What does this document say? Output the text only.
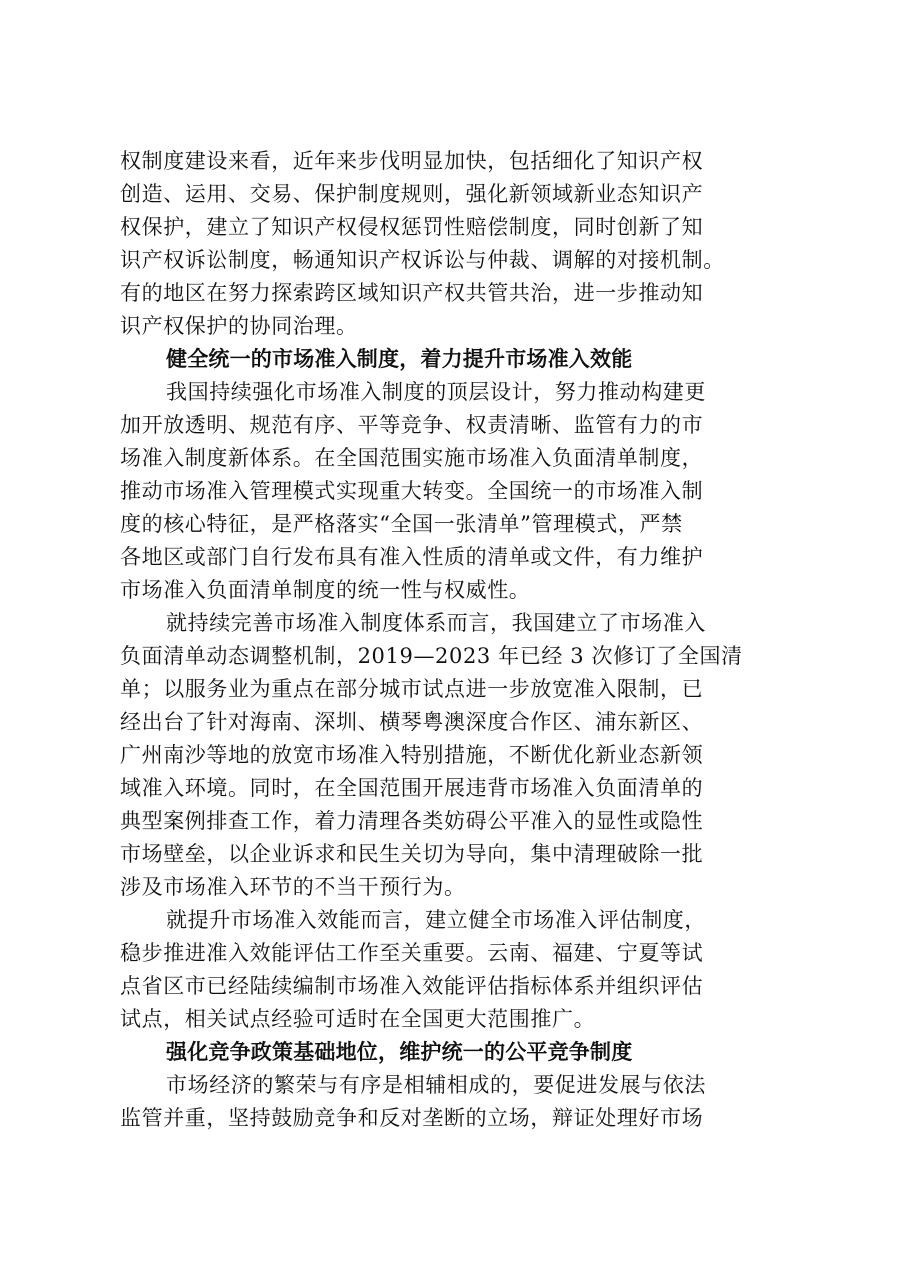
权制度建设来看，近年来步伐明显加快，包括细化了知识产权
创造、运用、交易、保护制度规则，强化新领域新业态知识产
权保护，建立了知识产权侵权惩罚性赔偿制度，同时创新了知
识产权诉讼制度，畅通知识产权诉讼与仲裁、调解的对接机制。
有的地区在努力探索跨区域知识产权共管共治，进一步推动知
识产权保护的协同治理。
健全统一的市场准入制度，着力提升市场准入效能
我国持续强化市场准入制度的顶层设计，努力推动构建更
加开放透明、规范有序、平等竞争、权责清晰、监管有力的市
场准入制度新体系。在全国范围实施市场准入负面清单制度，
推动市场准入管理模式实现重大转变。全国统一的市场准入制
度的核心特征，是严格落实“全国一张清单”管理模式，严禁
各地区或部门自行发布具有准入性质的清单或文件，有力维护
市场准入负面清单制度的统一性与权威性。
就持续完善市场准入制度体系而言，我国建立了市场准入
负面清单动态调整机制，2019—2023 年已经 3 次修订了全国清
单；以服务业为重点在部分城市试点进一步放宽准入限制，已
经出台了针对海南、深圳、横琴粤澳深度合作区、浦东新区、
广州南沙等地的放宽市场准入特别措施，不断优化新业态新领
域准入环境。同时，在全国范围开展违背市场准入负面清单的
典型案例排查工作，着力清理各类妨碍公平准入的显性或隐性
市场壁垒，以企业诉求和民生关切为导向，集中清理破除一批
涉及市场准入环节的不当干预行为。
就提升市场准入效能而言，建立健全市场准入评估制度，
稳步推进准入效能评估工作至关重要。云南、福建、宁夏等试
点省区市已经陆续编制市场准入效能评估指标体系并组织评估
试点，相关试点经验可适时在全国更大范围推广。
强化竞争政策基础地位，维护统一的公平竞争制度
市场经济的繁荣与有序是相辅相成的，要促进发展与依法
监管并重，坚持鼓励竞争和反对垄断的立场，辩证处理好市场
